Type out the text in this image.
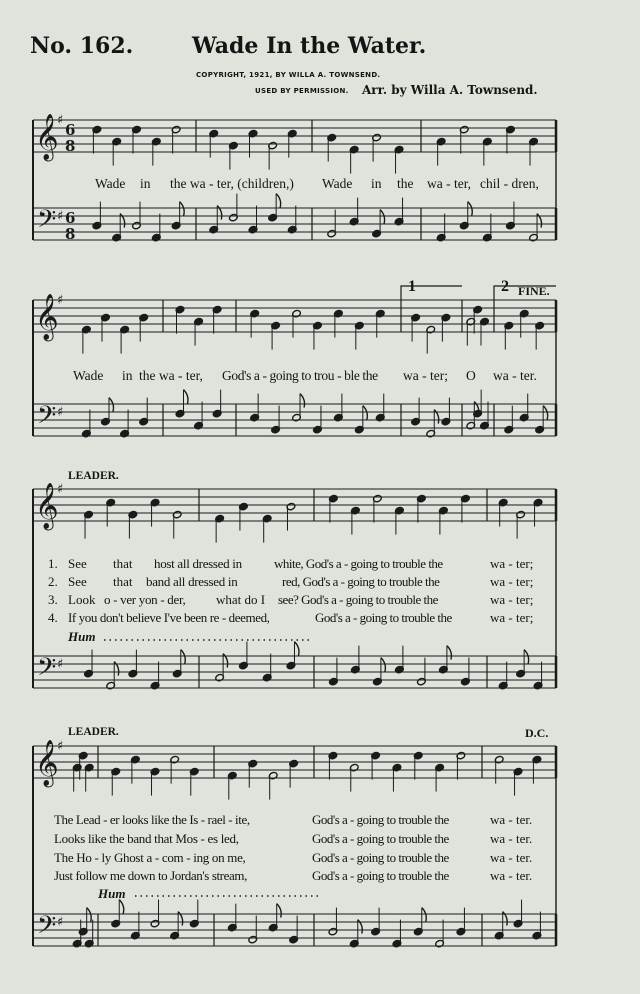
𝄞
𝄢
♯
♯
6
8
6
8
𝄞
𝄢
♯
♯
𝄞
𝄢
♯
♯
𝄞
𝄢
♯
♯
No. 162.	Wade In the Water.
COPYRIGHT, 1921, BY WILLA A. TOWNSEND.
USED BY PERMISSION. Arr. by Willa A. Townsend.
Wade in the wa - ter, (children,) Wade in the wa - ter, chil - dren,
1	2 FINE.
Wade in the wa - ter, God's a - going to trou - ble the wa - ter; O wa - ter.
LEADER.
1. See that host all dressed in white, God's a - going to trouble the	wa - ter;
2. See that band all dressed in	red, God's a - going to trouble the	wa - ter;
3. Look o - ver yon - der, what do I see? God's a - going to trouble the	wa - ter;
4. If you don't believe I've been re - deemed,	God's a - going to trouble the	wa - ter;
Hum
LEADER.	D.C.
The Lead - er looks like the Is - rael - ite,	God's a - going to trouble the	wa - ter.
Looks like the band that Mos - es led,	God's a - going to trouble the	wa - ter.
The Ho - ly Ghost a - com - ing on me,	God's a - going to trouble the	wa - ter.
Just follow me down to Jordan's stream,	God's a - going to trouble the	wa - ter.
Hum
